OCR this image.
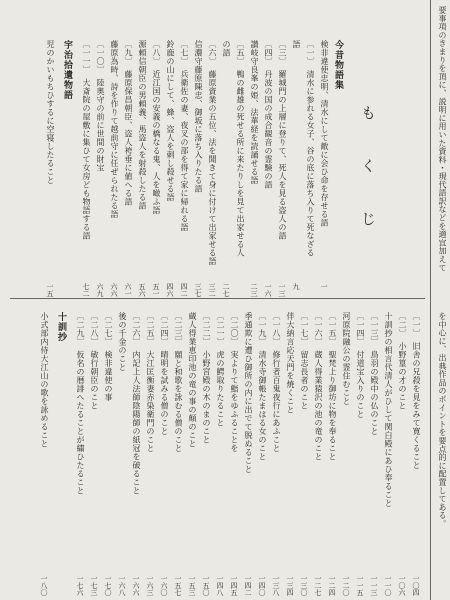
要事項のきまりを頂に、説明に用いた資料・現代語訳などを適宜加えて
を中心に、出典作品のポイントを要点的に配置してある。
もくじ
今昔物語集
検非違使忠明、清水にして敵に会ひ命を存せる語
一
〔一〕　清水に参れる女子、谷の底に落ち入りて死なざる
語
九
〔三〕　羅城門の上層に登りて、死人を見る盗人の語
一三
〔四〕　丹波の国の成合観音の霊験の語
一六
讃岐守良峯の姫、法華経を読誦せる語
二三
〔五〕　鴨の雌雄の死せる所に来たりしを見て出家せる人
の語
二七
〔六〕　藤原資業の五位、法を聞きて身に付けて出家せる語
三二
信濃守藤原陳忠、御坂に落ち入りたる語
三七
〔七〕　兵衛佐の妻、夜叉の部を得て家に帰れる語
四二
鈴鹿の山にして、蜂、盗人を刺し殺せる語
四六
〔八〕　近江国の安義の橋なる鬼、人を噉ふ語
五一
源頼信朝臣の男頼義、馬盗人を射殺したる語
五六
〔九〕　藤原保昌朝臣、盗人袴垂に値へる語
六一
藤原為時、詩を作りて越前守に任ぜられたる語
六六
〔一〇〕　陸奥守の前に世間の財宝
六九
〔一一〕　大斎院の屋敷に集ひて女房ども物語する語
七二
宇治拾遺物語
児のかいもちひするに空寝したること
一五
〔一〕　旧舎の兄殺を見をみて寛くること
一〇四
〔二〕　小野篁の才のこと
一〇六
十訓抄の相言代清人がひして関白殿にあひ奉ること
一一〇
〔一三〕　鳥羽の殿中の仏のこと
一一三
〔一四〕　付道宝入りのこと
一一五
河原院融公の霊住むこと
一二〇
〔一五〕　聖梵上り御坊に物を奉ること
一二四
〔一六〕　蔵人得業猿沢の池の竜のこと
一二七
〔一七〕　留志長者のこと
一三〇
伴大納言応天門を焼くこと
一三四
〔一八〕　修行者百鬼夜行にあふこと
一三八
〔一九〕　清水寺御帳たまはる女のこと
一四〇
季通欺に遭ひ御所の内に出でて脱ぬること
一四二
〔二〇〕　実よりて鮨をゆふることを
一四五
〔二一〕　虎の鰐取りたること
一四八
〔二二〕　小野宮殿の木のまのこと
一五〇
蔵人得業恵印池の竜の事の顛のこと
一五三
〔二三〕　願と和歌を詠むる僧のこと
一五七
〔二四〕　晴明を試みる僧のこと
一六〇
〔二五〕　大江匡衡妻赤染衛門のこと
一六三
〔二六〕　内記上人法師陰陽師の紙冠を破ること
一六六
後の千金のこと
一六八
〔二七〕　検非違使の事
一七〇
〔二八〕　敏行朝臣のこと
一七三
〔二九〕　仮名の暦誹へたることが繍ひたること
一七六
十訓抄
小式部内侍大江山の歌を詠めること
一八〇
